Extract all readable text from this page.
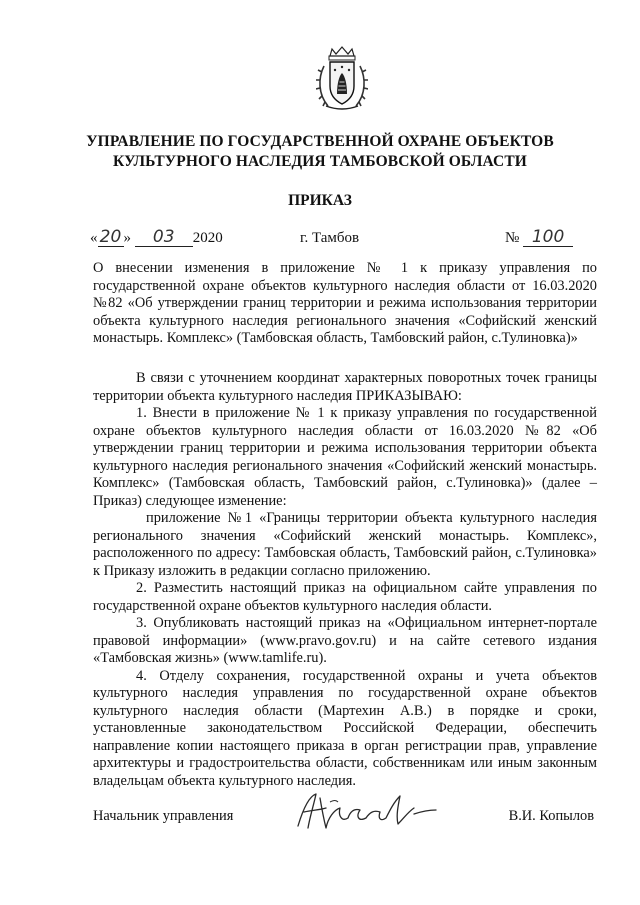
УПРАВЛЕНИЕ ПО ГОСУДАРСТВЕННОЙ ОХРАНЕ ОБЪЕКТОВ
КУЛЬТУРНОГО НАСЛЕДИЯ ТАМБОВСКОЙ ОБЛАСТИ
ПРИКАЗ
« 20 » 03 2020	г. Тамбов	№ 100

О внесении изменения в приложение № 1 к приказу управления по государственной охране объектов культурного наследия области от 16.03.2020 №82 «Об утверждении границ территории и режима использования территории объекта культурного наследия регионального значения «Софийский женский монастырь. Комплекс» (Тамбовская область, Тамбовский район, с.Тулиновка)»

В связи с уточнением координат характерных поворотных точек границы территории объекта культурного наследия ПРИКАЗЫВАЮ:

1. Внести в приложение № 1 к приказу управления по государственной охране объектов культурного наследия области от 16.03.2020 №82 «Об утверждении границ территории и режима использования территории объекта культурного наследия регионального значения «Софийский женский монастырь. Комплекс» (Тамбовская область, Тамбовский район, с.Тулиновка)» (далее – Приказ) следующее изменение:

приложение №1 «Границы территории объекта культурного наследия регионального значения «Софийский женский монастырь. Комплекс», расположенного по адресу: Тамбовская область, Тамбовский район, с.Тулиновка» к Приказу изложить в редакции согласно приложению.

2. Разместить настоящий приказ на официальном сайте управления по государственной охране объектов культурного наследия области.

3. Опубликовать настоящий приказ на «Официальном интернет-портале правовой информации» (www.pravo.gov.ru) и на сайте сетевого издания «Тамбовская жизнь» (www.tamlife.ru).

4. Отделу сохранения, государственной охраны и учета объектов культурного наследия управления по государственной охране объектов культурного наследия области (Мартехин А.В.) в порядке и сроки, установленные законодательством Российской Федерации, обеспечить направление копии настоящего приказа в орган регистрации прав, управление архитектуры и градостроительства области, собственникам или иным законным владельцам объекта культурного наследия.

Начальник управления	В.И. Копылов
